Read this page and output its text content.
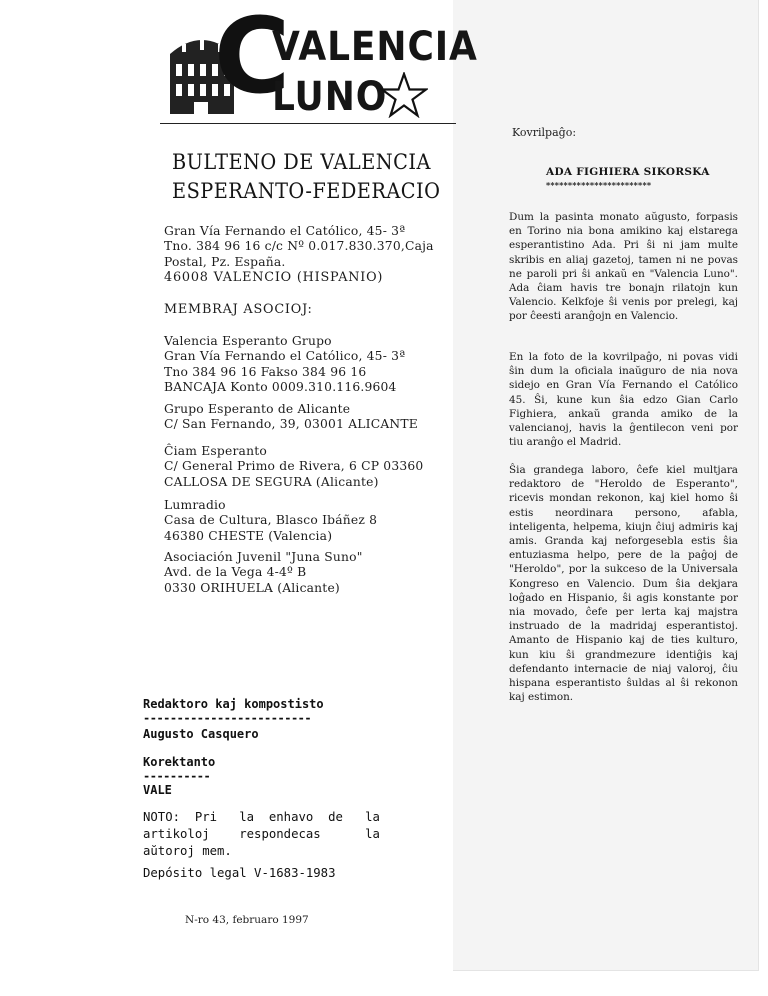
C
VALENCIA
LUNO
BULTENO DE VALENCIA
ESPERANTO-FEDERACIO
Gran Vía Fernando el Católico, 45- 3ª
Tno. 384 96 16 c/c Nº 0.017.830.370,Caja
Postal, Pz. España.
46008 VALENCIO (HISPANIO)
MEMBRAJ ASOCIOJ:
Valencia Esperanto Grupo
Gran Vía Fernando el Católico, 45- 3ª
Tno 384 96 16 Fakso 384 96 16
BANCAJA Konto 0009.310.116.9604
Grupo Esperanto de Alicante
C/ San Fernando, 39, 03001 ALICANTE
Ĉiam Esperanto
C/ General Primo de Rivera, 6 CP 03360
CALLOSA DE SEGURA (Alicante)
Lumradio
Casa de Cultura, Blasco Ibáñez 8
46380 CHESTE (Valencia)
Asociación Juvenil "Juna Suno"
Avd. de la Vega 4-4º B
0330 ORIHUELA (Alicante)
Redaktoro kaj kompostisto
-------------------------
Augusto Casquero
Korektanto
----------
VALE
NOTO:  Pri   la  enhavo  de   la
artikoloj    respondecas      la
aŭtoroj mem.
Depósito legal V-1683-1983
N-ro 43, februaro 1997
Kovrilpaĝo:
ADA FIGHIERA SIKORSKA
************************
Dum la pasinta monato aŭgusto, forpasis en Torino nia bona amikino kaj elstarega esperantistino Ada. Pri ŝi ni jam multe skribis en aliaj gazetoj, tamen ni ne povas ne paroli pri ŝi ankaŭ en "Valencia Luno". Ada ĉiam havis tre bonajn rilatojn kun Valencio. Kelkfoje ŝi venis por prelegi, kaj por ĉeesti aranĝojn en Valencio.
En la foto de la kovrilpaĝo, ni povas vidi ŝin dum la oficiala inaŭguro de nia nova sidejo en Gran Vía Fernando el Católico 45. Ŝi, kune kun ŝia edzo Gian Carlo Fighiera, ankaŭ granda amiko de la valencianoj, havis la ĝentilecon veni por tiu aranĝo el Madrid.
Ŝia grandega laboro, ĉefe kiel multjara redaktoro de "Heroldo de Esperanto", ricevis mondan rekonon, kaj kiel homo ŝi estis neordinara persono, afabla, inteligenta, helpema, kiujn ĉiuj admiris kaj amis. Granda kaj neforgesebla estis ŝia entuziasma helpo, pere de la paĝoj de "Heroldo", por la sukceso de la Universala Kongreso en Valencio. Dum ŝia dekjara loĝado en Hispanio, ŝi agis konstante por nia movado, ĉefe per lerta kaj majstra instruado de la madridaj esperantistoj. Amanto de Hispanio kaj de ties kulturo, kun kiu ŝi grandmezure identiĝis kaj defendanto internacie de niaj valoroj, ĉiu hispana esperantisto ŝuldas al ŝi rekonon kaj estimon.
